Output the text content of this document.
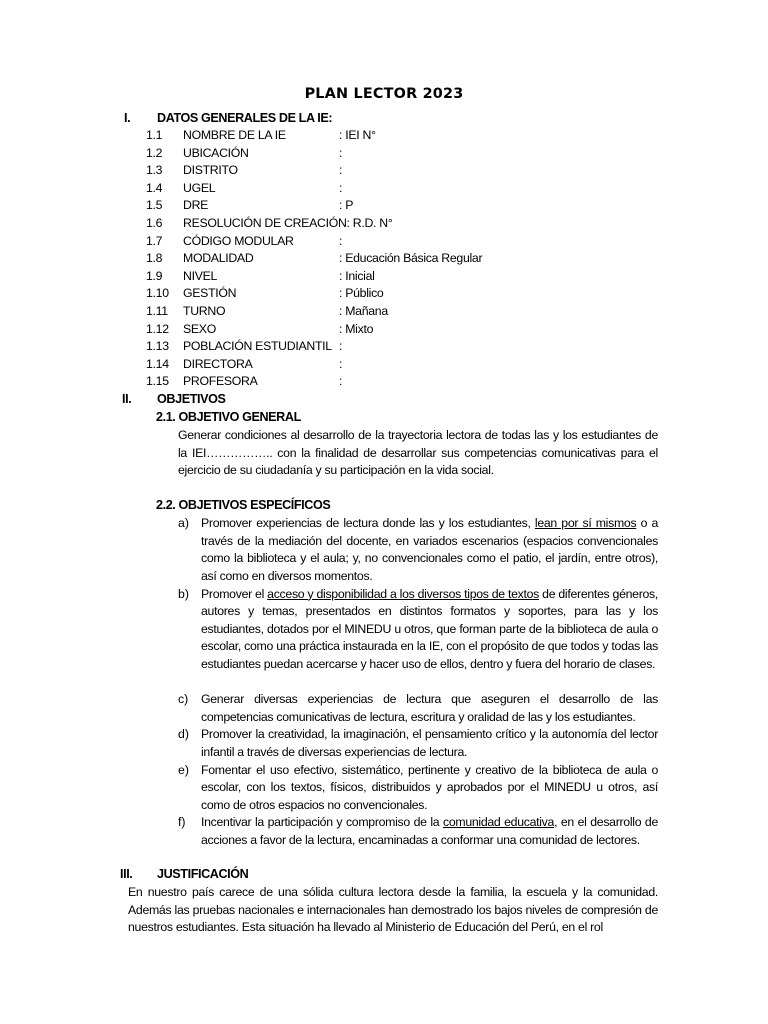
PLAN LECTOR 2023
I. DATOS GENERALES DE LA IE:
1.1 NOMBRE DE LA IE	: IEI N°
1.2 UBICACIÓN	:
1.3 DISTRITO	:
1.4 UGEL	:
1.5 DRE	: P
1.6 RESOLUCIÓN DE CREACIÓN: R.D. N°
1.7 CÓDIGO MODULAR	:
1.8 MODALIDAD	: Educación Básica Regular
1.9 NIVEL	: Inicial
1.10 GESTIÓN	: Público
1.11 TURNO	: Mañana
1.12 SEXO	: Mixto
1.13 POBLACIÓN ESTUDIANTIL :
1.14 DIRECTORA	:
1.15 PROFESORA	:
II. OBJETIVOS
2.1. OBJETIVO GENERAL
Generar condiciones al desarrollo de la trayectoria lectora de todas las y los estudiantes de la IEI…………….. con la finalidad de desarrollar sus competencias comunicativas para el ejercicio de su ciudadanía y su participación en la vida social.
2.2. OBJETIVOS ESPECÍFICOS
a) Promover experiencias de lectura donde las y los estudiantes, lean por sí mismos o a través de la mediación del docente, en variados escenarios (espacios convencionales como la biblioteca y el aula; y, no convencionales como el patio, el jardín, entre otros), así como en diversos momentos.
b) Promover el acceso y disponibilidad a los diversos tipos de textos de diferentes géneros, autores y temas, presentados en distintos formatos y soportes, para las y los estudiantes, dotados por el MINEDU u otros, que forman parte de la biblioteca de aula o escolar, como una práctica instaurada en la IE, con el propósito de que todos y todas las estudiantes puedan acercarse y hacer uso de ellos, dentro y fuera del horario de clases.
c) Generar diversas experiencias de lectura que aseguren el desarrollo de las competencias comunicativas de lectura, escritura y oralidad de las y los estudiantes.
d) Promover la creatividad, la imaginación, el pensamiento crítico y la autonomía del lector infantil a través de diversas experiencias de lectura.
e) Fomentar el uso efectivo, sistemático, pertinente y creativo de la biblioteca de aula o escolar, con los textos, físicos, distribuidos y aprobados por el MINEDU u otros, así como de otros espacios no convencionales.
f) Incentivar la participación y compromiso de la comunidad educativa, en el desarrollo de acciones a favor de la lectura, encaminadas a conformar una comunidad de lectores.
III. JUSTIFICACIÓN
En nuestro país carece de una sólida cultura lectora desde la familia, la escuela y la comunidad. Además las pruebas nacionales e internacionales han demostrado los bajos niveles de compresión de nuestros estudiantes. Esta situación ha llevado al Ministerio de Educación del Perú, en el rol
